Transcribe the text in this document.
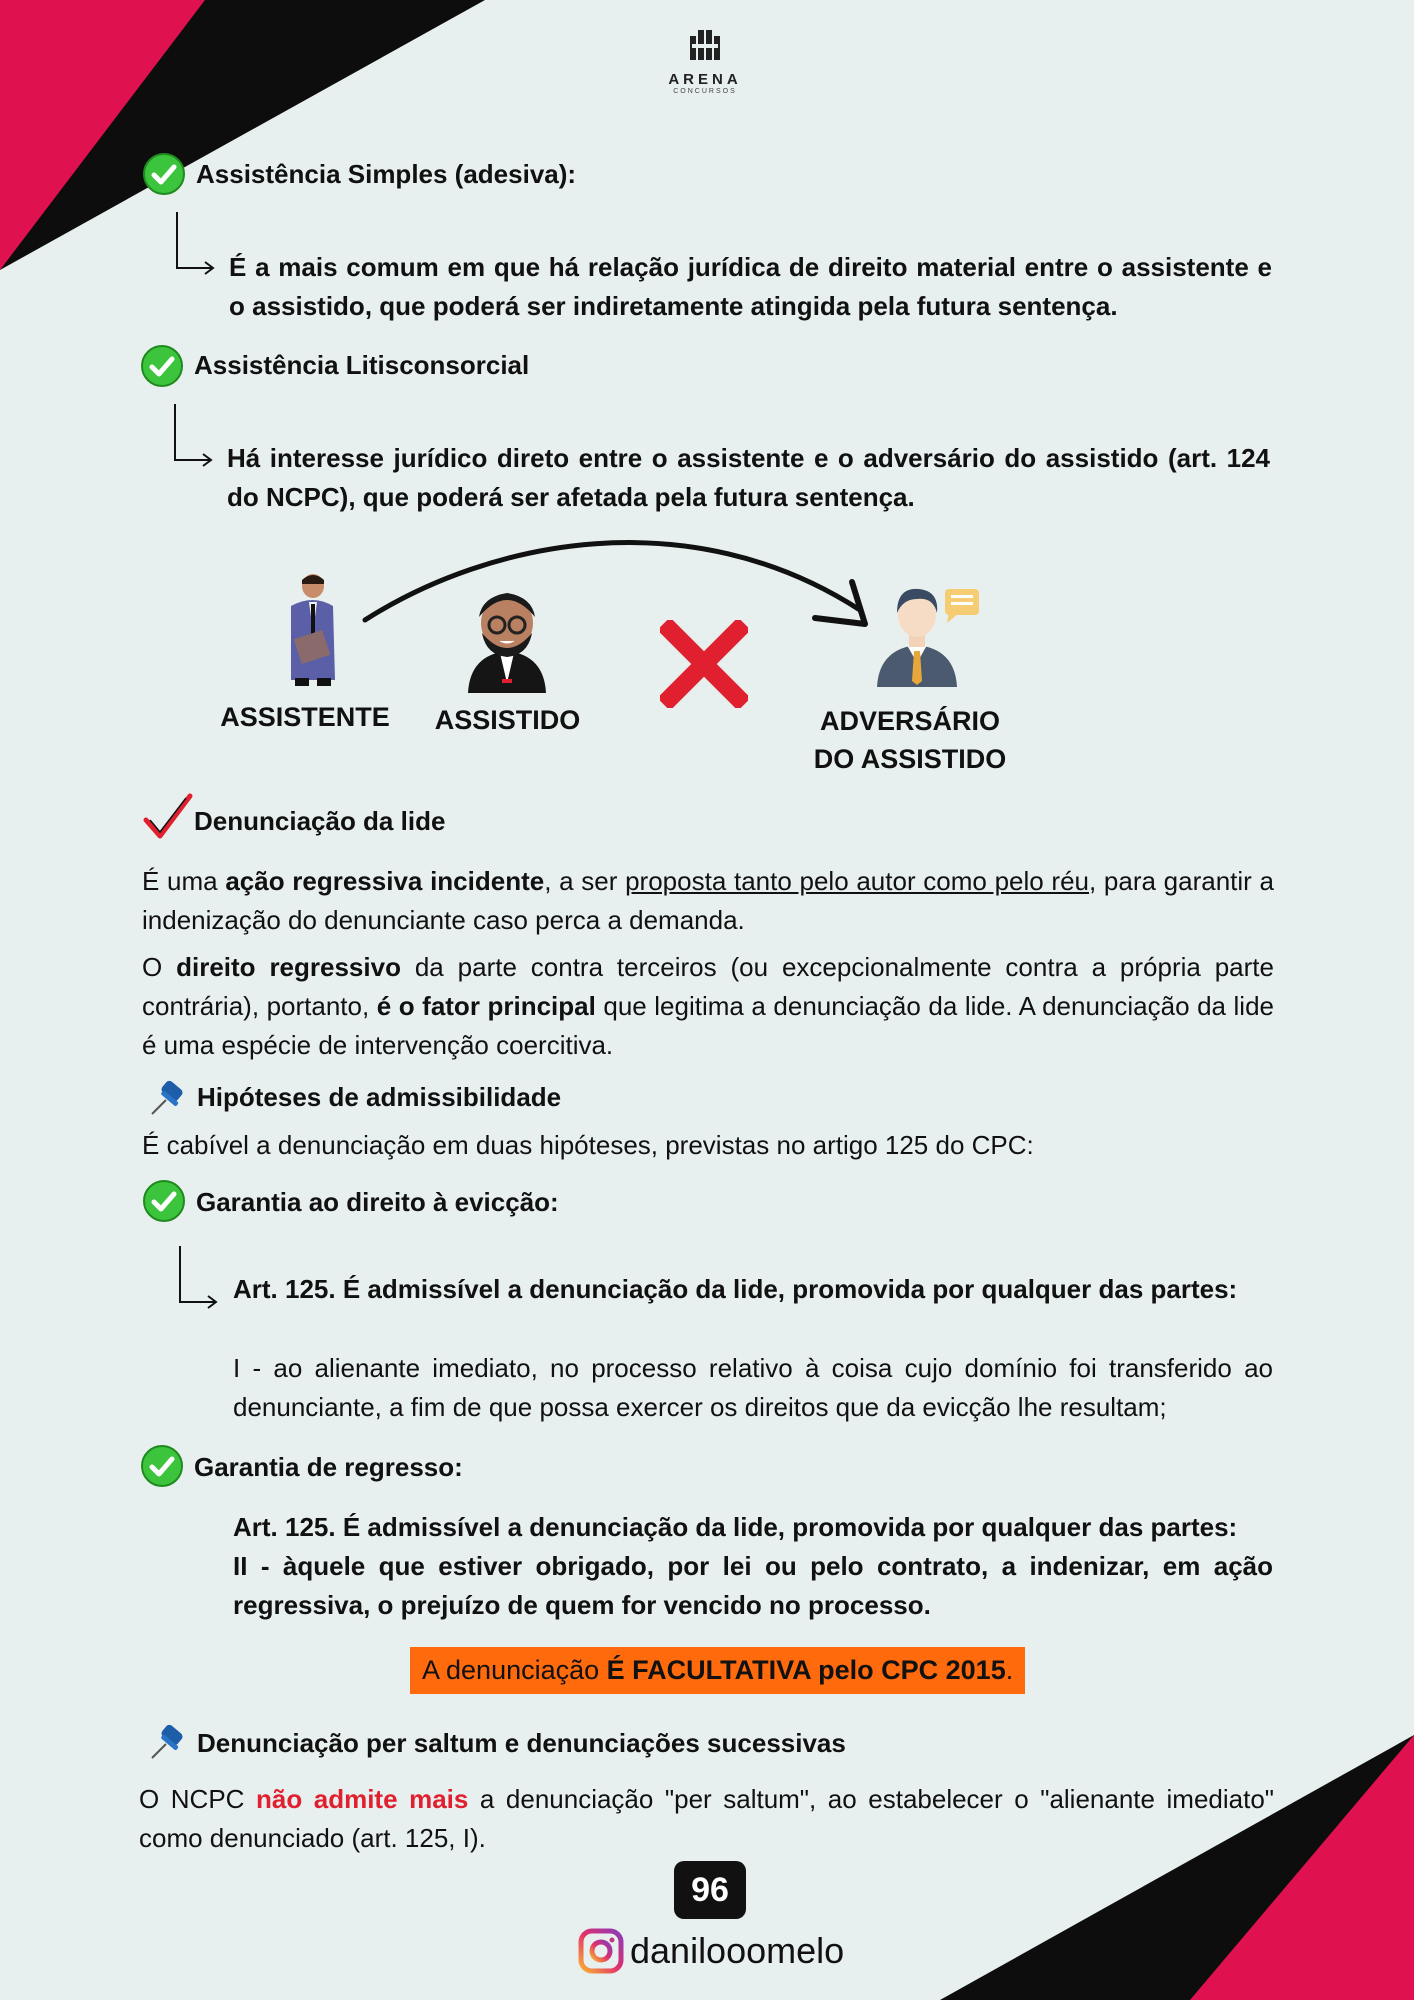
ARENA
CONCURSOS
Assistência Simples (adesiva):
É a mais comum em que há relação jurídica de direito material entre o assistente e o assistido, que poderá ser indiretamente atingida pela futura sentença.
Assistência Litisconsorcial
Há interesse jurídico direto entre o assistente e o adversário do assistido (art. 124 do NCPC), que poderá ser afetada pela futura sentença.
ASSISTENTE	ASSISTIDO	ADVERSÁRIO
DO ASSISTIDO
Denunciação da lide
É uma ação regressiva incidente, a ser proposta tanto pelo autor como pelo réu, para garantir a indenização do denunciante caso perca a demanda.
O direito regressivo da parte contra terceiros (ou excepcionalmente contra a própria parte contrária), portanto, é o fator principal que legitima a denunciação da lide. A denunciação da lide é uma espécie de intervenção coercitiva.
Hipóteses de admissibilidade
É cabível a denunciação em duas hipóteses, previstas no artigo 125 do CPC:
Garantia ao direito à evicção:
Art. 125. É admissível a denunciação da lide, promovida por qualquer das partes:
I - ao alienante imediato, no processo relativo à coisa cujo domínio foi transferido ao denunciante, a fim de que possa exercer os direitos que da evicção lhe resultam;
Garantia de regresso:
Art. 125. É admissível a denunciação da lide, promovida por qualquer das partes:
II - àquele que estiver obrigado, por lei ou pelo contrato, a indenizar, em ação regressiva, o prejuízo de quem for vencido no processo.
A denunciação É FACULTATIVA pelo CPC 2015.
Denunciação per saltum e denunciações sucessivas
O NCPC não admite mais a denunciação "per saltum", ao estabelecer o "alienante imediato" como denunciado (art. 125, I).
96
danilooomelo
